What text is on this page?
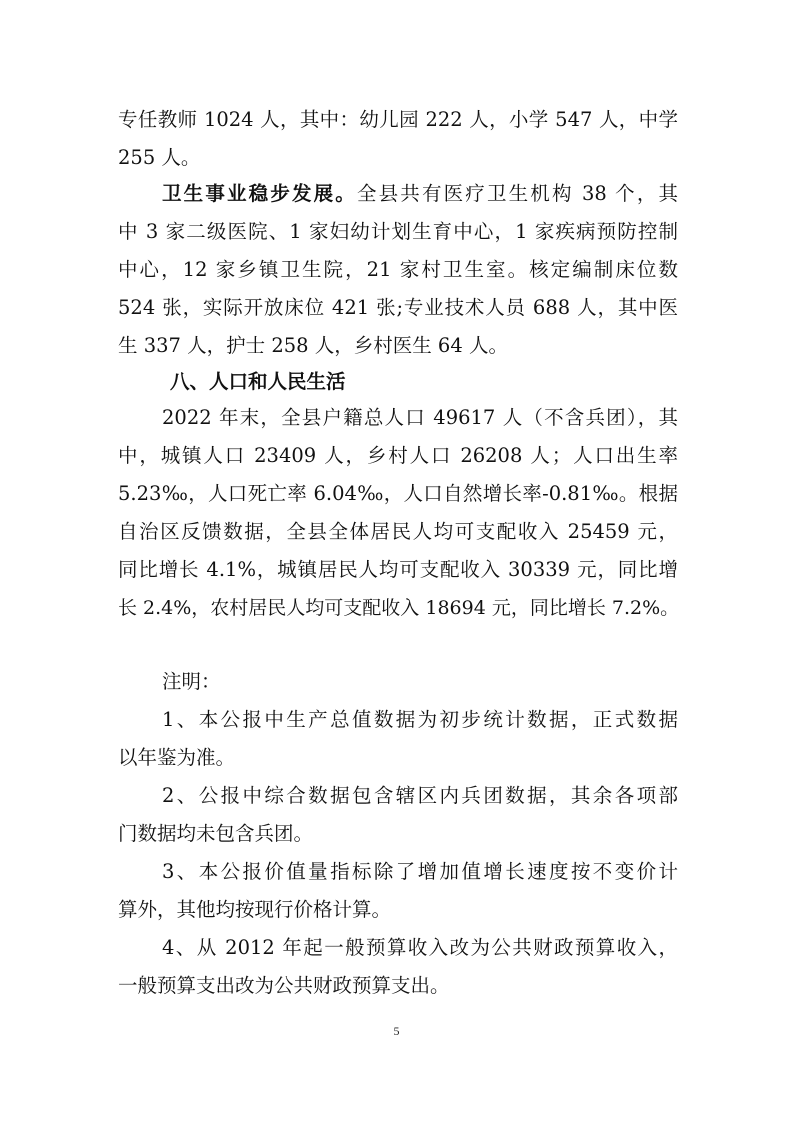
专任教师 1024 人，其中：幼儿园 222 人，小学 547 人，中学
255 人。
卫生事业稳步发展。全县共有医疗卫生机构 38 个，其
中 3 家二级医院、1 家妇幼计划生育中心，1 家疾病预防控制
中心，12 家乡镇卫生院，21 家村卫生室。核定编制床位数
524 张，实际开放床位 421 张;专业技术人员 688 人，其中医
生 337 人，护士 258 人，乡村医生 64 人。
八、人口和人民生活
2022 年末，全县户籍总人口 49617 人（不含兵团），其
中，城镇人口 23409 人，乡村人口 26208 人；人口出生率
5.23‰，人口死亡率 6.04‰，人口自然增长率-0.81‰。根据
自治区反馈数据，全县全体居民人均可支配收入 25459 元，
同比增长 4.1%，城镇居民人均可支配收入 30339 元，同比增
长 2.4%，农村居民人均可支配收入 18694 元，同比增长 7.2%。
注明：
1、本公报中生产总值数据为初步统计数据，正式数据
以年鉴为准。
2、公报中综合数据包含辖区内兵团数据，其余各项部
门数据均未包含兵团。
3、本公报价值量指标除了增加值增长速度按不变价计
算外，其他均按现行价格计算。
4、从 2012 年起一般预算收入改为公共财政预算收入，
一般预算支出改为公共财政预算支出。
5
